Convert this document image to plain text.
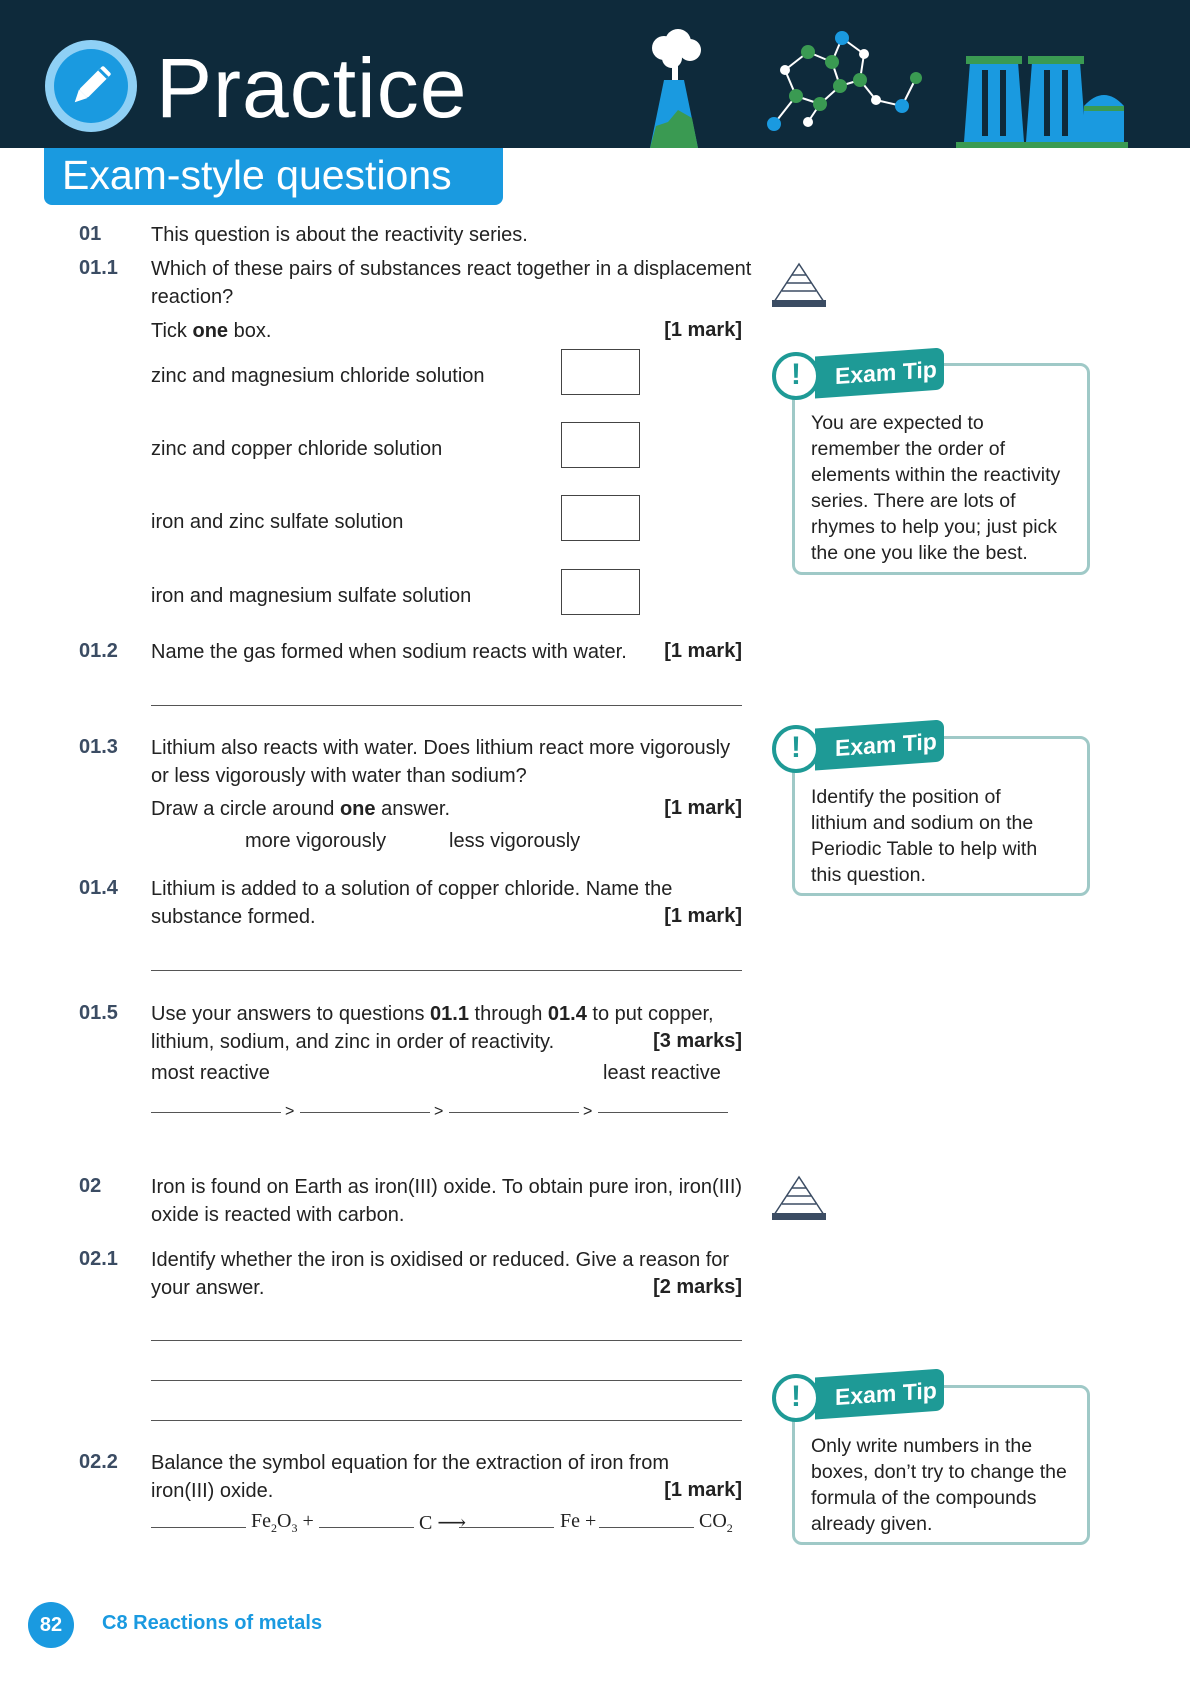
Practice
Exam-style questions
01 This question is about the reactivity series.
01.1 Which of these pairs of substances react together in a displacement
reaction?
Tick one box.	[1 mark]
zinc and magnesium chloride solution
zinc and copper chloride solution
iron and zinc sulfate solution
iron and magnesium sulfate solution
01.2 Name the gas formed when sodium reacts with water. [1 mark]
01.3 Lithium also reacts with water. Does lithium react more vigorously
or less vigorously with water than sodium?
Draw a circle around one answer.	[1 mark]
more vigorously	less vigorously
01.4 Lithium is added to a solution of copper chloride. Name the
substance formed.	[1 mark]
01.5 Use your answers to questions 01.1 through 01.4 to put copper,
lithium, sodium, and zinc in order of reactivity.	[3 marks]
most reactive	least reactive
>	>	>
02 Iron is found on Earth as iron(III) oxide. To obtain pure iron, iron(III)
oxide is reacted with carbon.
02.1 Identify whether the iron is oxidised or reduced. Give a reason for
your answer.	[2 marks]
02.2 Balance the symbol equation for the extraction of iron from
iron(III) oxide.	[1 mark]
$Fe_2O_3$ +	C ⟶	Fe +	$CO_2$
You are expected to
remember the order of
elements within the reactivity
series. There are lots of
rhymes to help you; just pick
the one you like the best.
Exam Tip
!
Identify the position of
lithium and sodium on the
Periodic Table to help with
this question.
Exam Tip
!
Only write numbers in the
boxes, don’t try to change the
formula of the compounds
already given.
Exam Tip
!
82	C8 Reactions of metals
